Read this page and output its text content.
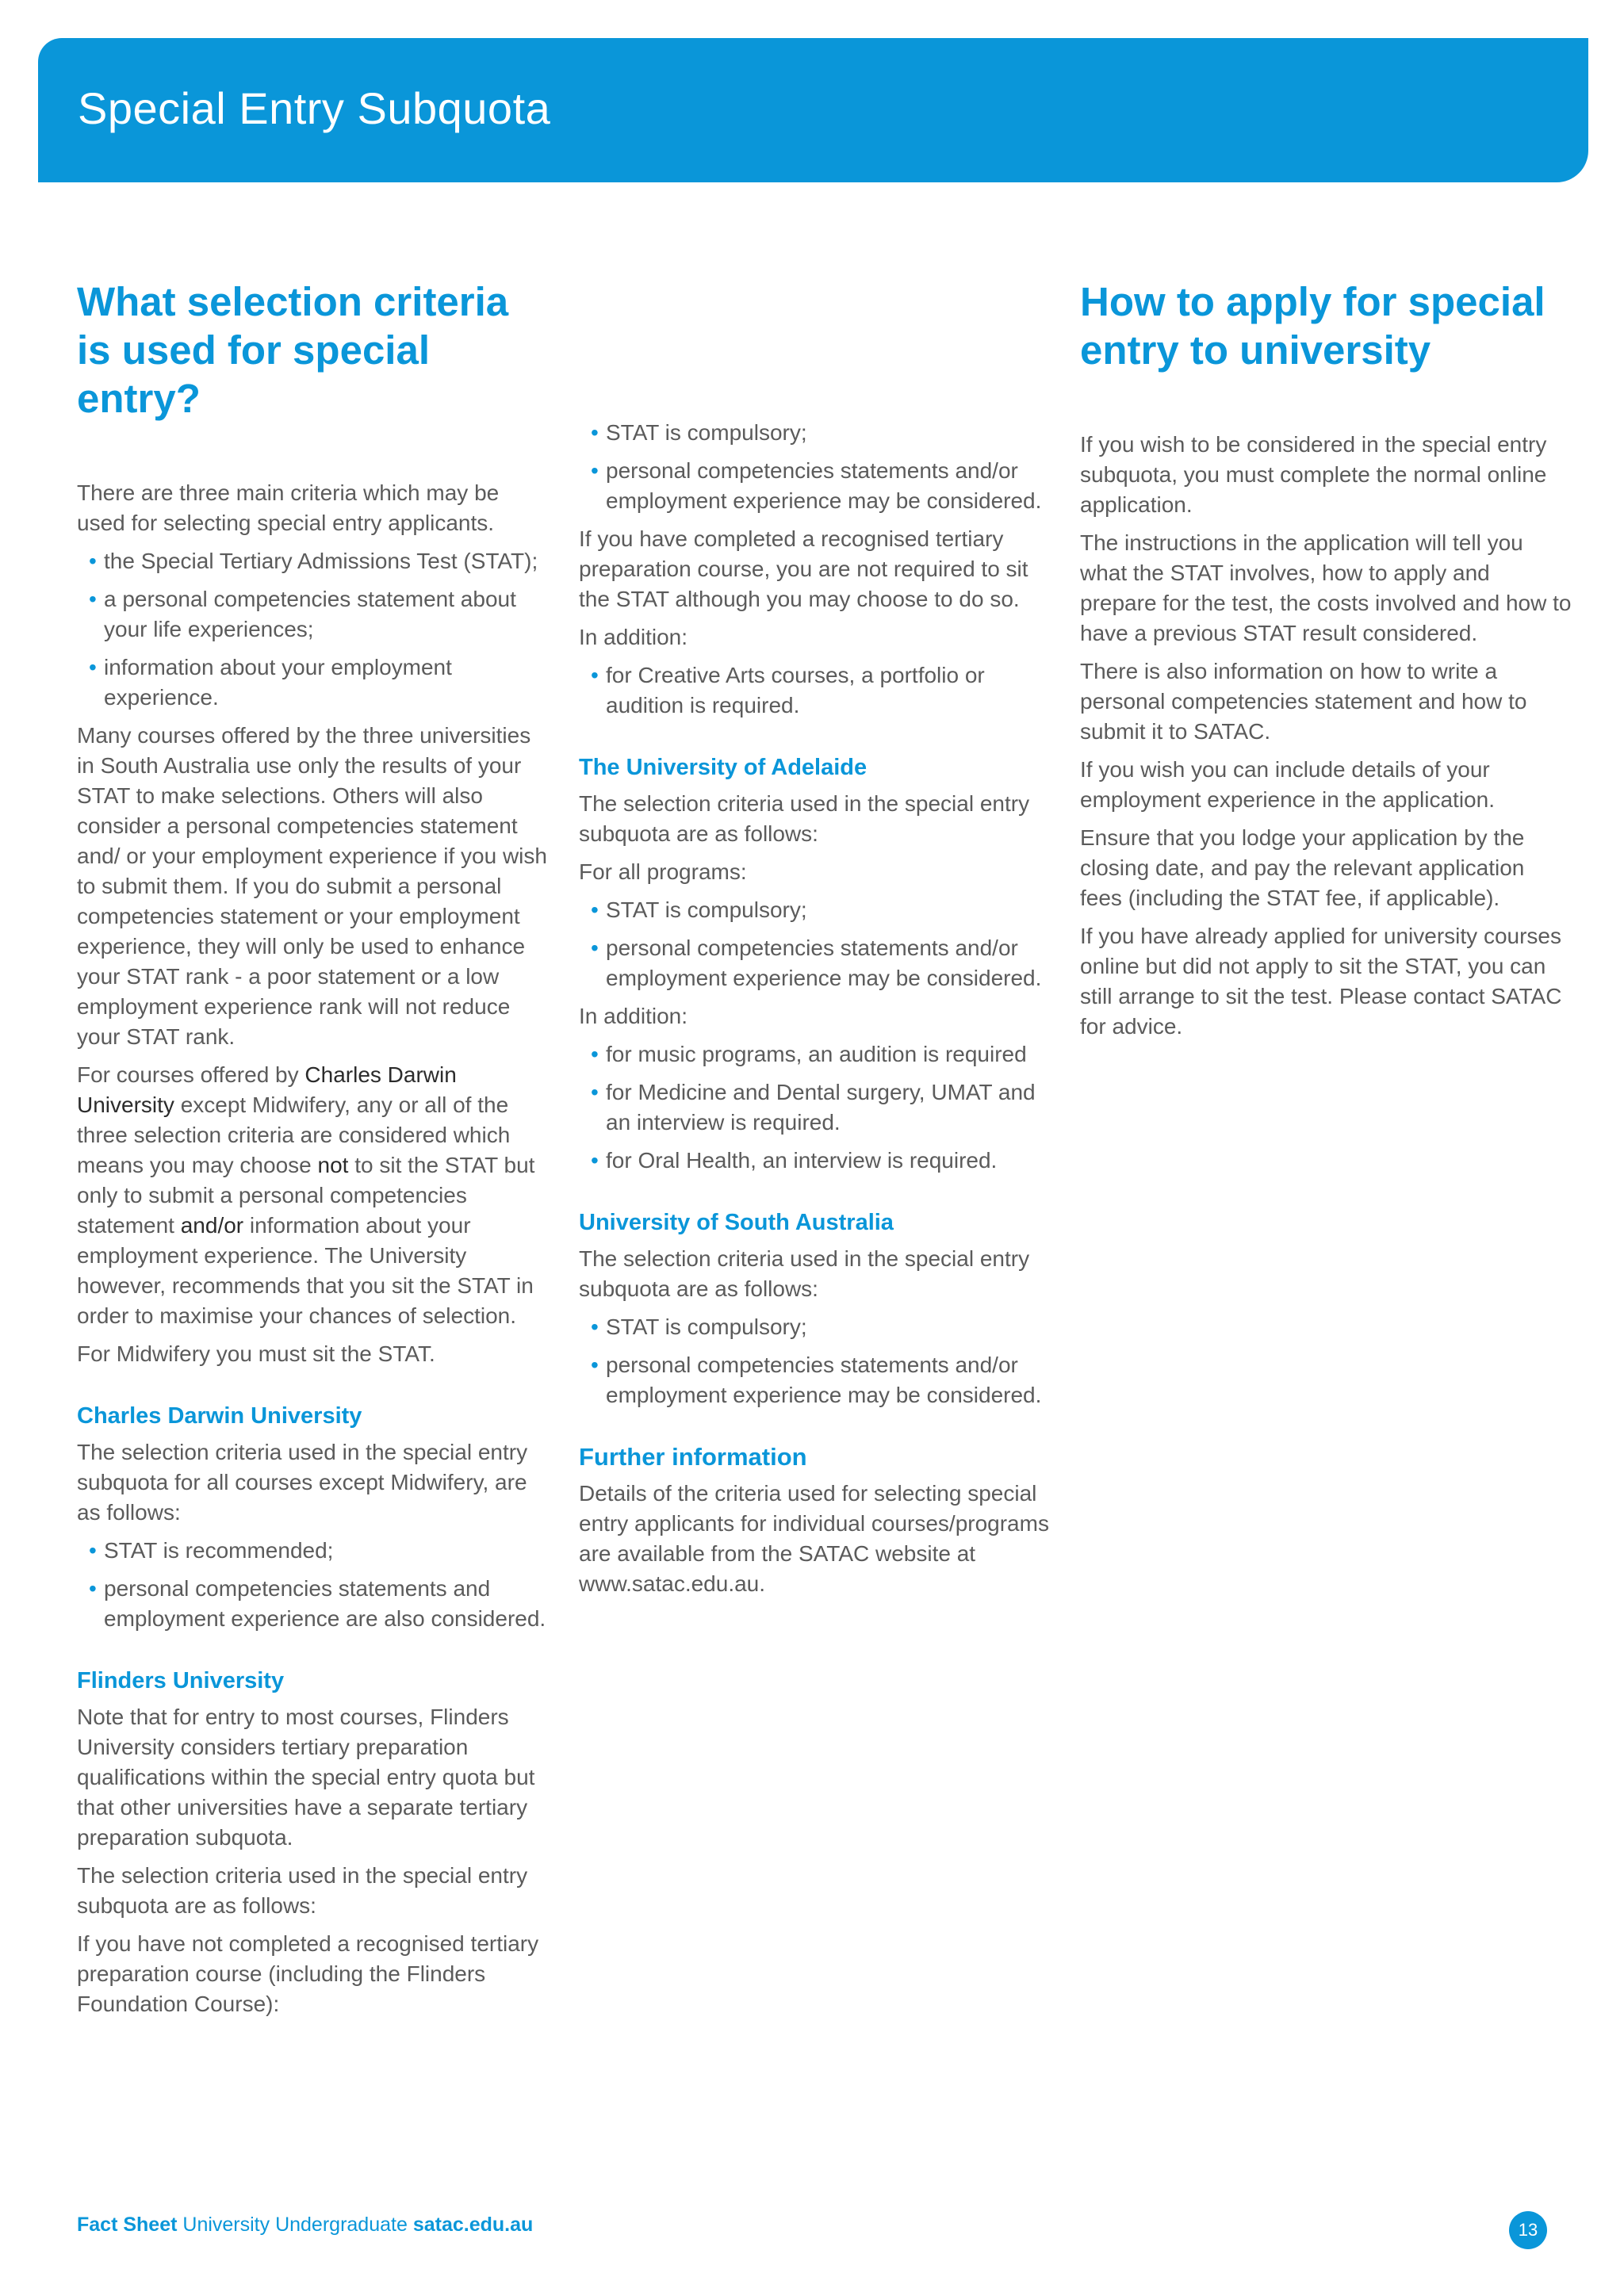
Special Entry Subquota
What selection criteria is used for special entry?

There are three main criteria which may be used for selecting special entry applicants.

• the Special Tertiary Admissions Test (STAT);
• a personal competencies statement about your life experiences;
• information about your employment experience.

Many courses offered by the three universities in South Australia use only the results of your STAT to make selections. Others will also consider a personal competencies statement and/ or your employment experience if you wish to submit them. If you do submit a personal competencies statement or your employment experience, they will only be used to enhance your STAT rank - a poor statement or a low employment experience rank will not reduce your STAT rank.

For courses offered by Charles Darwin University except Midwifery, any or all of the three selection criteria are considered which means you may choose not to sit the STAT but only to submit a personal competencies statement and/or information about your employment experience. The University however, recommends that you sit the STAT in order to maximise your chances of selection.

For Midwifery you must sit the STAT.

Charles Darwin University

The selection criteria used in the special entry subquota for all courses except Midwifery, are as follows:

• STAT is recommended;
• personal competencies statements and employment experience are also considered.
Flinders University

Note that for entry to most courses, Flinders University considers tertiary preparation qualifications within the special entry quota but that other universities have a separate tertiary preparation subquota.

The selection criteria used in the special entry subquota are as follows:

If you have not completed a recognised tertiary preparation course (including the Flinders Foundation Course):

• STAT is compulsory;
• personal competencies statements and/or employment experience may be considered.

If you have completed a recognised tertiary preparation course, you are not required to sit the STAT although you may choose to do so.

In addition:

• for Creative Arts courses, a portfolio or audition is required.
The University of Adelaide

The selection criteria used in the special entry subquota are as follows:

For all programs:

• STAT is compulsory;
• personal competencies statements and/or employment experience may be considered.

In addition:

• for music programs, an audition is required
• for Medicine and Dental surgery, UMAT and an interview is required.
• for Oral Health, an interview is required.
University of South Australia

The selection criteria used in the special entry subquota are as follows:

• STAT is compulsory;
• personal competencies statements and/or employment experience may be considered.
Further information

Details of the criteria used for selecting special entry applicants for individual courses/programs are available from the SATAC website at www.satac.edu.au.

How to apply for special entry to university

If you wish to be considered in the special entry subquota, you must complete the normal online application.

The instructions in the application will tell you what the STAT involves, how to apply and prepare for the test, the costs involved and how to have a previous STAT result considered.

There is also information on how to write a personal competencies statement and how to submit it to SATAC.

If you wish you can include details of your employment experience in the application.

Ensure that you lodge your application by the closing date, and pay the relevant application fees (including the STAT fee, if applicable).

If you have already applied for university courses online but did not apply to sit the STAT, you can still arrange to sit the test. Please contact SATAC for advice.

Fact Sheet University Undergraduate satac.edu.au	13
